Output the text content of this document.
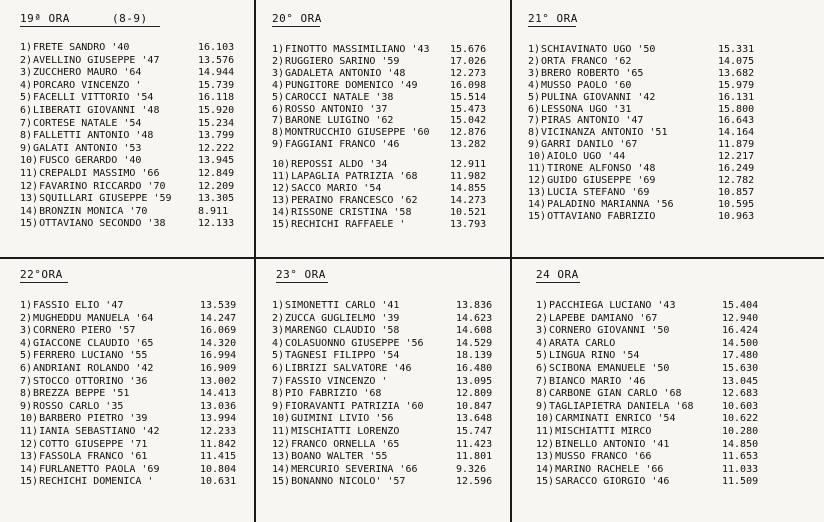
19ª ORA	(8-9)
1)FRETE SANDRO '40	16.103
2)AVELLINO GIUSEPPE '47	13.576
3)ZUCCHERO MAURO '64	14.944
4)PORCARO VINCENZO '	15.739
5)FACELLI VITTORIO '54	16.118
6)LIBERATI GIOVANNI '48	15.920
7)CORTESE NATALE '54	15.234
8)FALLETTI ANTONIO '48	13.799
9)GALATI ANTONIO '53	12.222
10)FUSCO GERARDO '40	13.945
11)CREPALDI MASSIMO '66	12.849
12)FAVARINO RICCARDO '70	12.209
13)SQUILLARI GIUSEPPE '59	13.305
14)BRONZIN MONICA '70	8.911
15)OTTAVIANO SECONDO '38	12.133
20° ORA
1)FINOTTO MASSIMILIANO '43 15.676
2)RUGGIERO SARINO '59	17.026
3)GADALETA ANTONIO '48	12.273
4)PUNGITORE DOMENICO '49	16.098
5)CAROCCI NATALE '38	15.514
6)ROSSO ANTONIO '37	15.473
7)BARONE LUIGINO '62	15.042
8)MONTRUCCHIO GIUSEPPE '60 12.876
9)FAGGIANI FRANCO '46	13.282
10)REPOSSI ALDO '34	12.911
11)LAPAGLIA PATRIZIA '68	11.982
12)SACCO MARIO '54	14.855
13)PERAINO FRANCESCO '62	14.273
14)RISSONE CRISTINA '58	10.521
15)RECHICHI RAFFAELE '	13.793
21° ORA
1)SCHIAVINATO UGO '50	15.331
2)ORTA FRANCO '62	14.075
3)BRERO ROBERTO '65	13.682
4)MUSSO PAOLO '60	15.979
5)PULINA GIOVANNI '42	16.131
6)LESSONA UGO '31	15.800
7)PIRAS ANTONIO '47	16.643
8)VICINANZA ANTONIO '51	14.164
9)GARRI DANILO '67	11.879
10)AIOLO UGO '44	12.217
11)TIRONE ALFONSO '48	16.249
12)GUIDO GIUSEPPE '69	12.782
13)LUCIA STEFANO '69	10.857
14)PALADINO MARIANNA '56	10.595
15)OTTAVIANO FABRIZIO	10.963
22°ORA
1)FASSIO ELIO '47	13.539
2)MUGHEDDU MANUELA '64	14.247
3)CORNERO PIERO '57	16.069
4)GIACCONE CLAUDIO '65	14.320
5)FERRERO LUCIANO '55	16.994
6)ANDRIANI ROLANDO '42	16.909
7)STOCCO OTTORINO '36	13.002
8)BREZZA BEPPE '51	14.413
9)ROSSO CARLO '35	13.036
10)BARBERO PIETRO '39	13.994
11)IANIA SEBASTIANO '42	12.233
12)COTTO GIUSEPPE '71	11.842
13)FASSOLA FRANCO '61	11.415
14)FURLANETTO PAOLA '69	10.804
15)RECHICHI DOMENICA '	10.631
23° ORA
1)SIMONETTI CARLO '41	13.836
2)ZUCCA GUGLIELMO '39	14.623
3)MARENGO CLAUDIO '58	14.608
4)COLASUONNO GIUSEPPE '56	14.529
5)TAGNESI FILIPPO '54	18.139
6)LIBRIZI SALVATORE '46	16.480
7)FASSIO VINCENZO '	13.095
8)PIO FABRIZIO '68	12.809
9)FIORAVANTI PATRIZIA '60	10.847
10)GUIMINI LIVIO '56	13.648
11)MISCHIATTI LORENZO	15.747
12)FRANCO ORNELLA '65	11.423
13)BOANO WALTER '55	11.801
14)MERCURIO SEVERINA '66	9.326
15)BONANNO NICOLO' '57	12.596
24 ORA
1)PACCHIEGA LUCIANO '43	15.404
2)LAPEBE DAMIANO '67	12.940
3)CORNERO GIOVANNI '50	16.424
4)ARATA CARLO	14.500
5)LINGUA RINO '54	17.480
6)SCIBONA EMANUELE '50	15.630
7)BIANCO MARIO '46	13.045
8)CARBONE GIAN CARLO '68	12.683
9)TAGLIAPIETRA DANIELA '68	10.603
10)CARMINATI ENRICO '54	10.622
11)MISCHIATTI MIRCO	10.280
12)BINELLO ANTONIO '41	14.850
13)MUSSO FRANCO '66	11.653
14)MARINO RACHELE '66	11.033
15)SARACCO GIORGIO '46	11.509
